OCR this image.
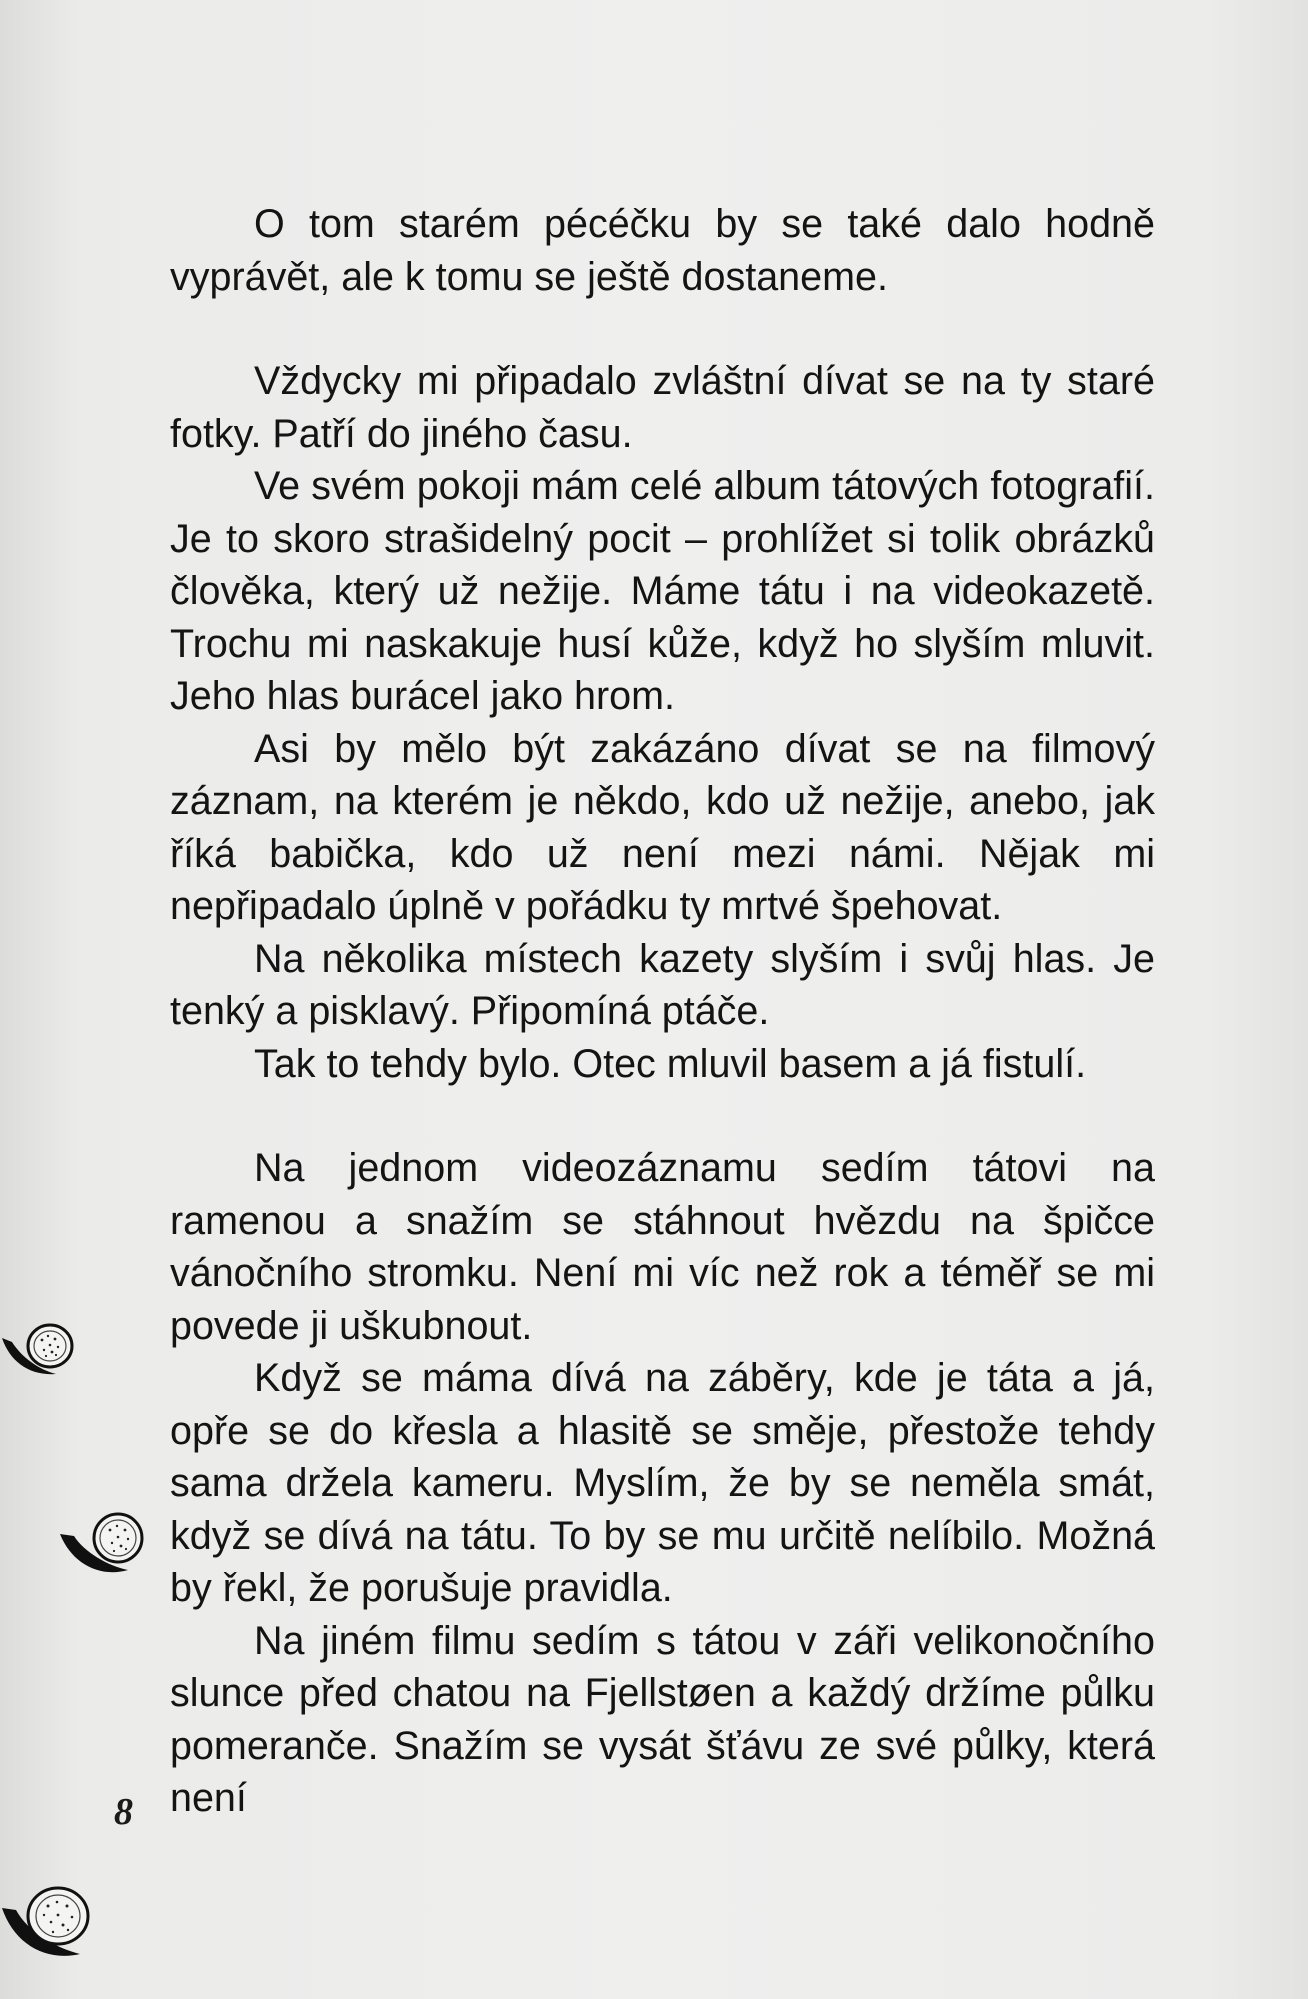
O tom starém pécéčku by se také dalo hodně vyprávět, ale k tomu se ještě dostaneme.

Vždycky mi připadalo zvláštní dívat se na ty staré fotky. Patří do jiného času.

Ve svém pokoji mám celé album tátových fotografií. Je to skoro strašidelný pocit – prohlížet si tolik obrázků člověka, který už nežije. Máme tátu i na videokazetě. Trochu mi naskakuje husí kůže, když ho slyším mluvit. Jeho hlas burácel jako hrom.

Asi by mělo být zakázáno dívat se na filmový záznam, na kterém je někdo, kdo už nežije, anebo, jak říká babička, kdo už není mezi námi. Nějak mi nepřipadalo úplně v pořádku ty mrtvé špehovat.

Na několika místech kazety slyším i svůj hlas. Je tenký a pisklavý. Připomíná ptáče.

Tak to tehdy bylo. Otec mluvil basem a já fistulí.

Na jednom videozáznamu sedím tátovi na ramenou a snažím se stáhnout hvězdu na špičce vánočního stromku. Není mi víc než rok a téměř se mi povede ji uškubnout.

Když se máma dívá na záběry, kde je táta a já, opře se do křesla a hlasitě se směje, přestože tehdy sama držela kameru. Myslím, že by se neměla smát, když se dívá na tátu. To by se mu určitě nelíbilo. Možná by řekl, že porušuje pravidla.

Na jiném filmu sedím s tátou v záři velikonočního slunce před chatou na Fjellstøen a každý držíme půlku pomeranče. Snažím se vysát šťávu ze své půlky, která není

8
